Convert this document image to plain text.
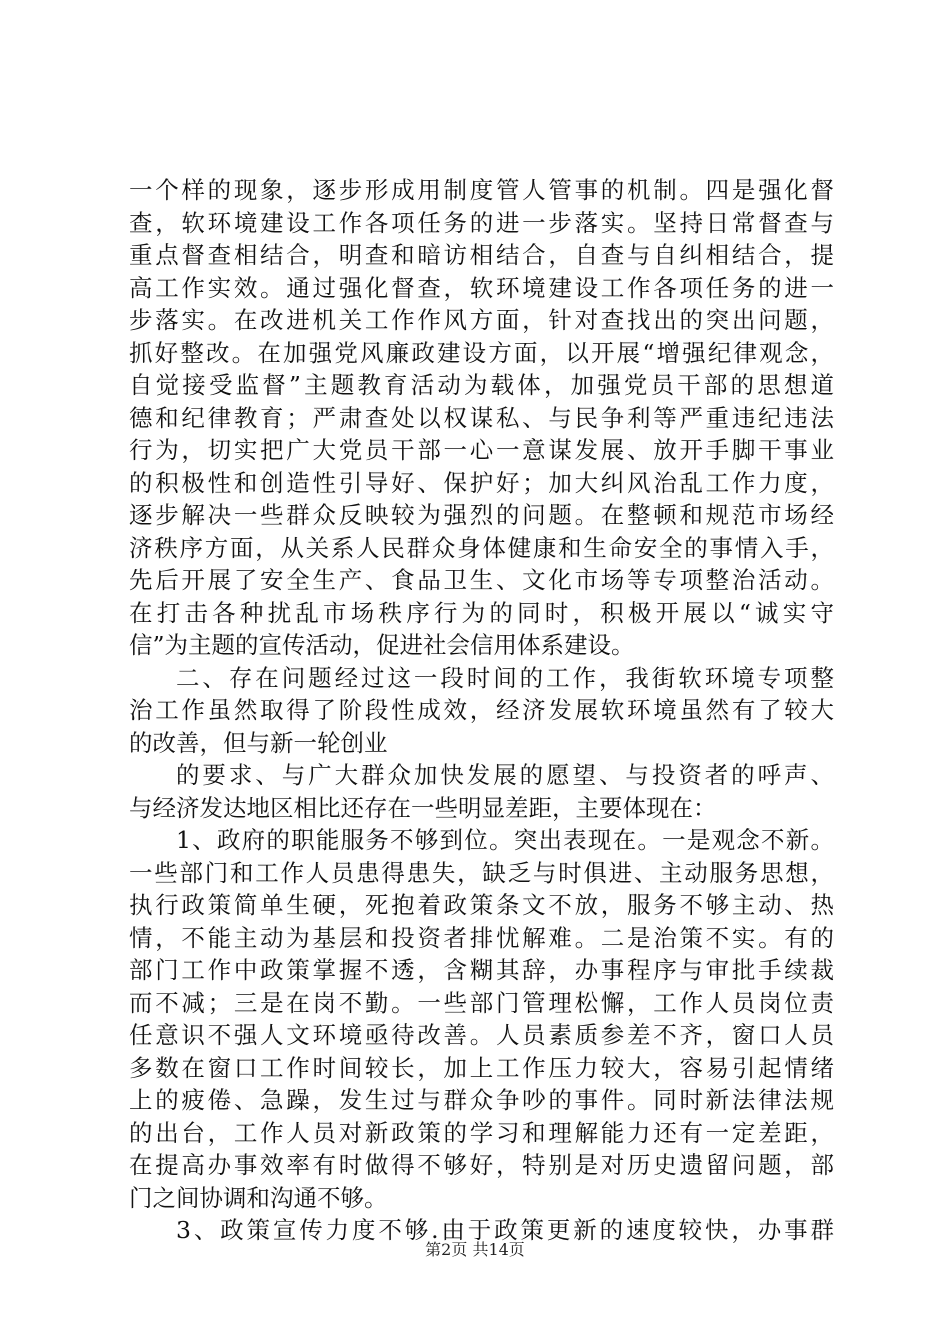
一个样的现象，逐步形成用制度管人管事的机制。四是强化督
查，软环境建设工作各项任务的进一步落实。坚持日常督查与
重点督查相结合，明查和暗访相结合，自查与自纠相结合，提
高工作实效。通过强化督查，软环境建设工作各项任务的进一
步落实。在改进机关工作作风方面，针对查找出的突出问题，
抓好整改。在加强党风廉政建设方面，以开展“增强纪律观念，
自觉接受监督”主题教育活动为载体，加强党员干部的思想道
德和纪律教育；严肃查处以权谋私、与民争利等严重违纪违法
行为，切实把广大党员干部一心一意谋发展、放开手脚干事业
的积极性和创造性引导好、保护好；加大纠风治乱工作力度，
逐步解决一些群众反映较为强烈的问题。在整顿和规范市场经
济秩序方面，从关系人民群众身体健康和生命安全的事情入手，
先后开展了安全生产、食品卫生、文化市场等专项整治活动。
在打击各种扰乱市场秩序行为的同时，积极开展以“诚实守
信”为主题的宣传活动，促进社会信用体系建设。
二、存在问题经过这一段时间的工作，我街软环境专项整
治工作虽然取得了阶段性成效，经济发展软环境虽然有了较大
的改善，但与新一轮创业
的要求、与广大群众加快发展的愿望、与投资者的呼声、
与经济发达地区相比还存在一些明显差距，主要体现在：
1、政府的职能服务不够到位。突出表现在。一是观念不新。
一些部门和工作人员患得患失，缺乏与时俱进、主动服务思想，
执行政策简单生硬，死抱着政策条文不放，服务不够主动、热
情，不能主动为基层和投资者排忧解难。二是治策不实。有的
部门工作中政策掌握不透，含糊其辞，办事程序与审批手续裁
而不减；三是在岗不勤。一些部门管理松懈，工作人员岗位责
任意识不强人文环境亟待改善。人员素质参差不齐，窗口人员
多数在窗口工作时间较长，加上工作压力较大，容易引起情绪
上的疲倦、急躁，发生过与群众争吵的事件。同时新法律法规
的出台，工作人员对新政策的学习和理解能力还有一定差距，
在提高办事效率有时做得不够好，特别是对历史遗留问题，部
门之间协调和沟通不够。
3、政策宣传力度不够.由于政策更新的速度较快，办事群
第2页 共14页
